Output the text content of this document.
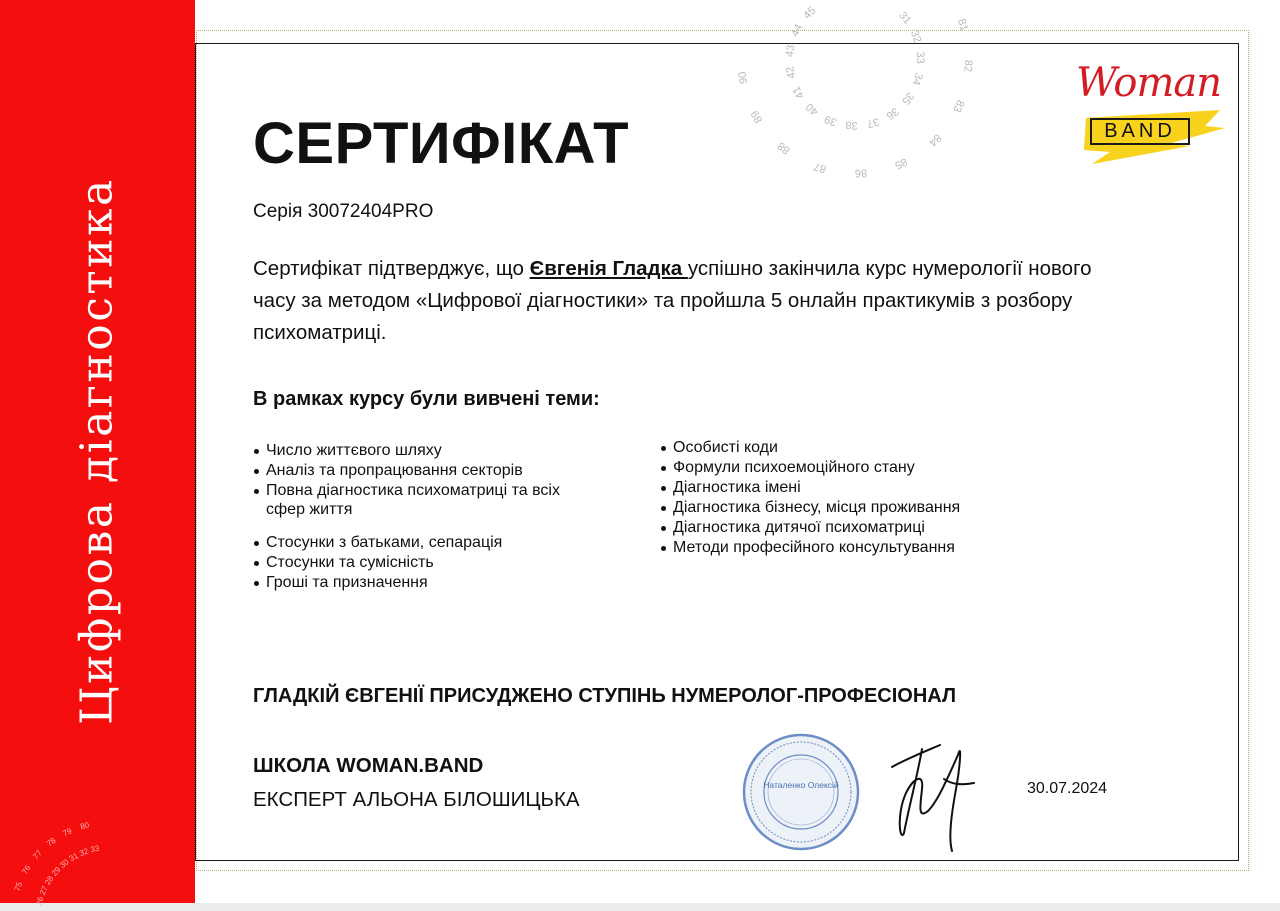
Цифрова діагностика
75
76
77
78
79
80
26
27
28
29
30
31
32 33
81
82
83
84
85
86
87
88
89
90
31
32
33
34
35
36
37
38
39
40
41
42
43
44
45
Woman
BAND
СЕРТИФІКАТ
Серія 30072404PRO

Сертифікат підтверджує, що Євгенія Гладка успішно закінчила курс нумерології нового часу за методом «Цифрової діагностики» та пройшла 5 онлайн практикумів з розбору психоматриці.

В рамках курсу були вивчені теми:
Число життєвого шляху
Аналіз та пропрацювання секторів
Повна діагностика психоматриці та всіх сфер життя
Стосунки з батьками, сепарація
Стосунки та сумісність
Гроші та призначення
Особисті коди
Формули психоемоційного стану
Діагностика імені
Діагностика бізнесу, місця проживання
Діагностика дитячої психоматриці
Методи професійного консультування
ГЛАДКІЙ ЄВГЕНІЇ ПРИСУДЖЕНО СТУПІНЬ НУМЕРОЛОГ-ПРОФЕСІОНАЛ
ШКОЛА WOMAN.BAND
ЕКСПЕРТ АЛЬОНА БІЛОШИЦЬКА
Наталенко Олексій	30.07.2024
